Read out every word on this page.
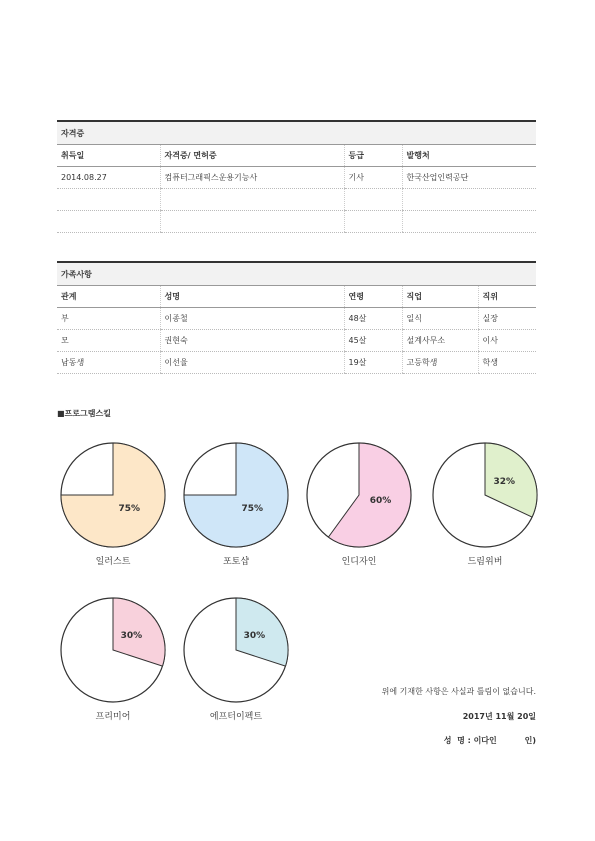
자격증			
취득일	자격증/ 면허증	등급	발행처
2014.08.27	컴퓨터그래픽스운용기능사	기사	한국산업인력공단

가족사항				
관계	성명	연령	직업	직위
부	이종철	48살	일식	실장
모	권현숙	45살	설계사무소	이사
남동생	이선율	19살	고등학생	학생
■프로그램스킬
75%
일러스트
75%
포토샵
60%
인디자인
32%
드림위버
30%
프리미어
30%
에프터이펙트
위에 기재한 사항은 사실과 틀림이 없습니다.
2017년 11월 20일
성  명 : 이다인          인)
